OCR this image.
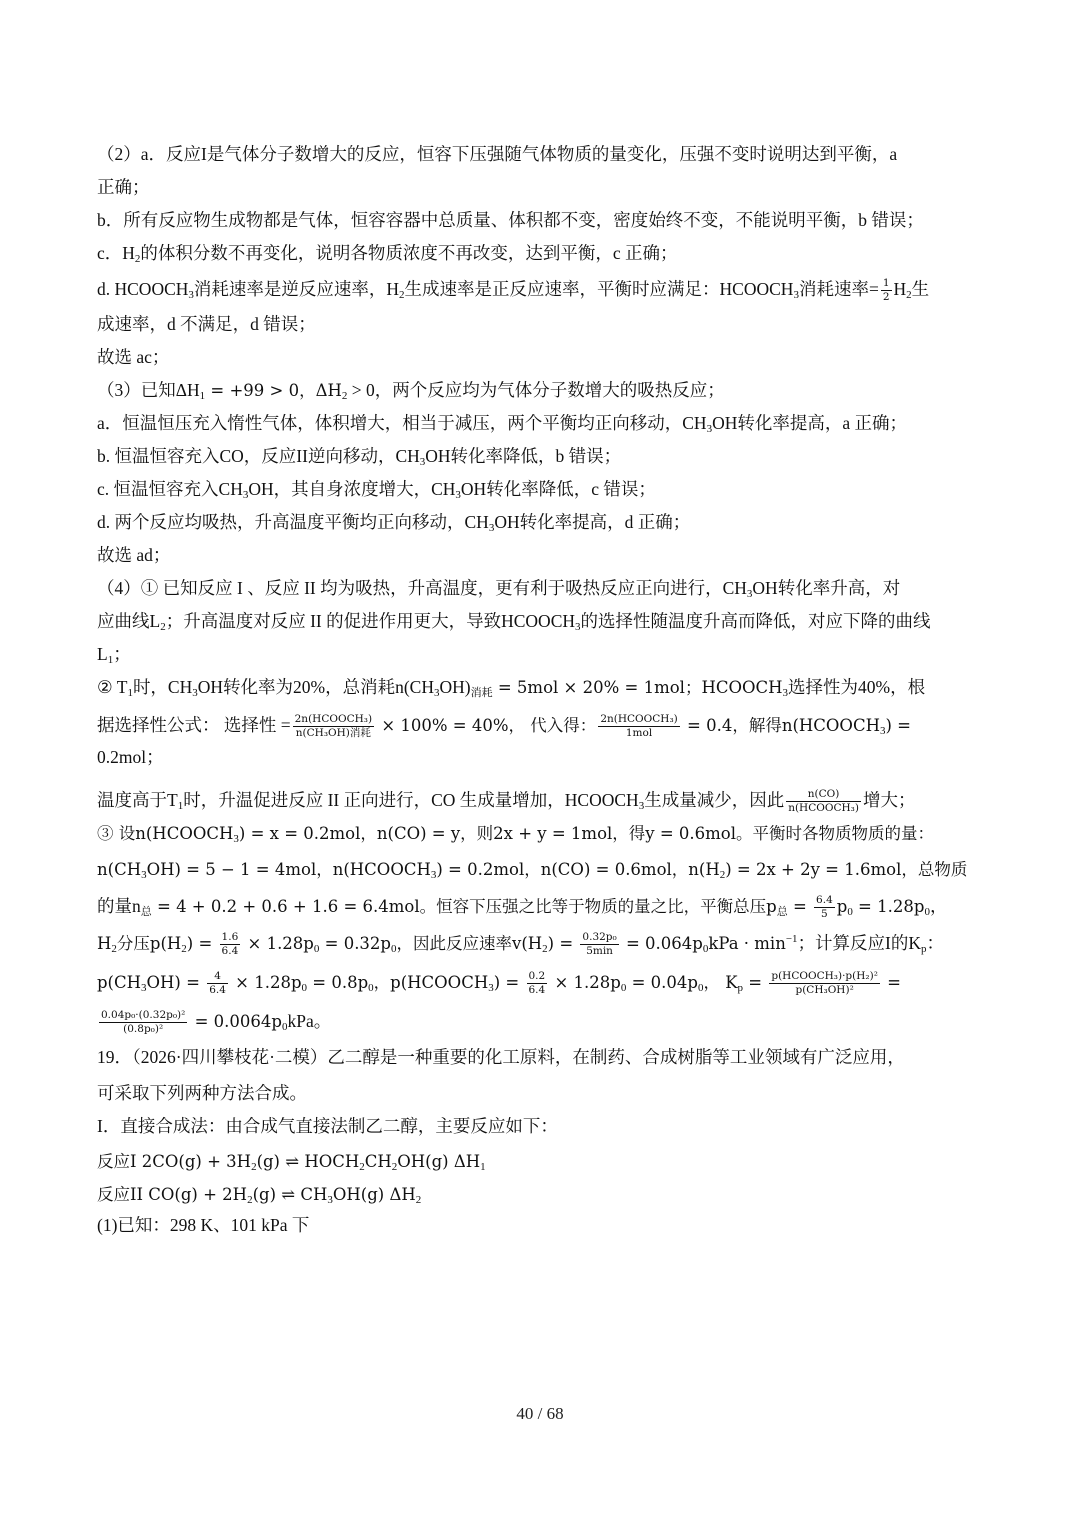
（2）a．反应I是气体分子数增大的反应，恒容下压强随气体物质的量变化，压强不变时说明达到平衡，a

正确；

b．所有反应物生成物都是气体，恒容容器中总质量、体积都不变，密度始终不变，不能说明平衡，b 错误；

c．$H_2$的体积分数不再变化，说明各物质浓度不再改变，达到平衡，c 正确；

d. $HCOOCH_3$消耗速率是逆反应速率，$H_2$生成速率是正反应速率，平衡时应满足：$HCOOCH_3$消耗速率= $\frac{1}{2} H_2$生

成速率，d 不满足，d 错误；

故选 ac；

（3）已知$\Delta H_1 = +99 > 0$，$\Delta H_2 > 0$，两个反应均为气体分子数增大的吸热反应；

a．恒温恒压充入惰性气体，体积增大，相当于减压，两个平衡均正向移动，$CH_3OH$转化率提高，a 正确；

b. 恒温恒容充入CO，反应II逆向移动，$CH_3OH$转化率降低，b 错误；

c. 恒温恒容充入$CH_3OH$，其自身浓度增大，$CH_3OH$转化率降低，c 错误；

d. 两个反应均吸热，升高温度平衡均正向移动，$CH_3OH$转化率提高，d 正确；

故选 ad；

（4）① 已知反应 I 、反应 II 均为吸热，升高温度，更有利于吸热反应正向进行，$CH_3OH$转化率升高，对

应曲线$L_2$；升高温度对反应 II 的促进作用更大，导致$HCOOCH_3$的选择性随温度升高而降低，对应下降的曲线

$L_1$；

② $T_1$时，$CH_3OH$转化率为20%，总消耗$n(CH_3OH)_{消耗} = 5mol \times 20\% = 1mol$；$HCOOCH_3$选择性为40%，根

据选择性公式： 选择性 = $\frac{\text{2n(HCOOCH₃)}}{\text{n(CH₃OH)消耗}} \times 100\% = 40\%$， 代入得： $\frac{\text{2n(HCOOCH₃)}}{\text{1mol}} = 0.4$，解得$n(HCOOCH_3)$ =

0.2mol；

温度高于$T_1$时，升温促进反应 II 正向进行，CO 生成量增加，$HCOOCH_3$生成量减少，因此 $\frac{n(CO)}{\text{n(HCOOCH₃)}}$ 增大；

③ 设$n(HCOOCH_3) = x = 0.2mol$，n(CO) = y，则2x + y = 1mol，得y = 0.6mol。平衡时各物质物质的量：

$n(CH_3OH) = 5 - 1 = 4mol$，$n(HCOOCH_3) = 0.2mol$，n(CO) = 0.6mol，$n(H_2) = 2x + 2y = 1.6mol$，总物质

的量$n_总 = 4 + 0.2 + 0.6 + 1.6 = 6.4mol$。恒容下压强之比等于物质的量之比，平衡总压$p_总 = \frac{6.4}{5} p_0 = 1.28p_0$，

$H_2$分压$p(H_2) = \frac{1.6}{6.4} \times 1.28p_0 = 0.32p_0$，因此反应速率$v(H_2) = \frac{\text{0.32p₀}}{5\min} = 0.064p_0kPa \cdot \min^{-1}$；计算反应I的$K_p$：

$p(CH_3OH) = \frac{4}{6.4} \times 1.28p_0 = 0.8p_0$，$p(HCOOCH_3) = \frac{0.2}{6.4} \times 1.28p_0 = 0.04p_0$， $K_p = \frac{\text{p(HCOOCH₃)·p(H₂)²}}{\text{p(CH₃OH)²}}$ =

$\frac{\text{0.04p₀·(0.32p₀)²}}{\text{(0.8p₀)²}} = 0.0064p_0kPa$。

19．（2026·四川攀枝花·二模）乙二醇是一种重要的化工原料，在制药、合成树脂等工业领域有广泛应用，

可采取下列两种方法合成。

I．直接合成法：由合成气直接法制乙二醇，主要反应如下：

反应I $2CO(g) + 3H_2(g)$ ⇌ $HOCH_2CH_2OH(g)$ $\Delta H_1$

反应II $CO(g) + 2H_2(g)$ ⇌ $CH_3OH(g)$ $\Delta H_2$

(1)已知：298 K、101 kPa 下

40 / 68
